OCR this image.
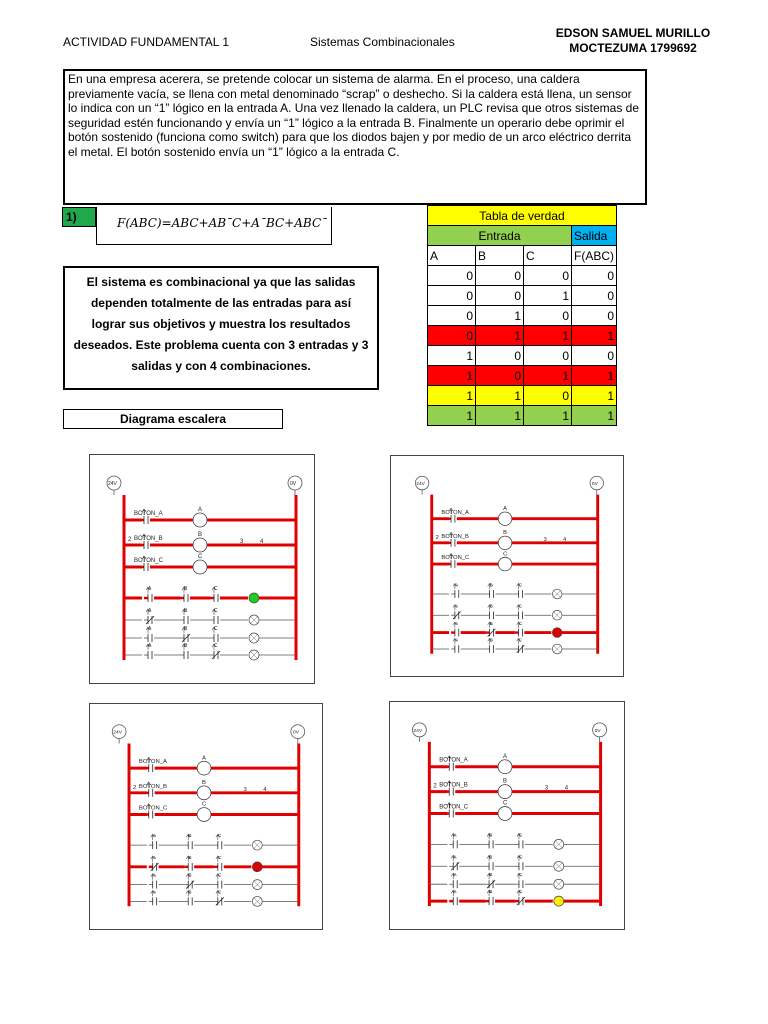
ACTIVIDAD FUNDAMENTAL 1	Sistemas Combinacionales
EDSON SAMUEL MURILLO
MOCTEZUMA 1799692
En una empresa acerera, se pretende colocar un sistema de alarma. En el proceso, una caldera previamente vacía, se llena con metal denominado “scrap” o deshecho. Si la caldera está llena, un sensor lo indica con un “1” lógico en la entrada A. Una vez llenado la caldera, un PLC revisa que otros sistemas de seguridad estén funcionando y envía un “1” lógico a la entrada B. Finalmente un operario debe oprimir el botón sostenido (funciona como switch) para que los diodos bajen y por medio de un arco eléctrico derrita el metal. El botón sostenido envía un “1” lógico a la entrada C.
1)	F(ABC)=ABC+AB¯C+A¯BC+ABC¯
El sistema es combinacional ya que las salidas dependen totalmente de las entradas para así lograr sus objetivos y muestra los resultados deseados. Este problema cuenta con 3 entradas y 3 salidas y con 4 combinaciones.
Diagrama escalera
Tabla de verdad			
Entrada			Salida
A	B	C	F(ABC)
0	0	0	0
0	0	1	0
0	1	0	0
0	1	1	1
1	0	0	0
1	0	1	1
1	1	0	1
1	1	1	1
24V	0V
BOTON_A
A
BOTON_B
B
BOTON_C
C
2	3	4
A	B	C
A	B	C
A	B	C
A	B	C
24V	0V
BOTON_A
A
BOTON_B
B
BOTON_C
C
2	3	4
A	B	C
A	B	C
A	B	C
A	B	C
24V	0V
BOTON_A
A
BOTON_B
B
BOTON_C
C
2	3	4
A	B	C
A	B	C
A	B	C
A	B	C
24V	0V
BOTON_A
A
BOTON_B
B
BOTON_C
C
2	3	4
A	B	C
A	B	C
A	B	C
A	B	C
